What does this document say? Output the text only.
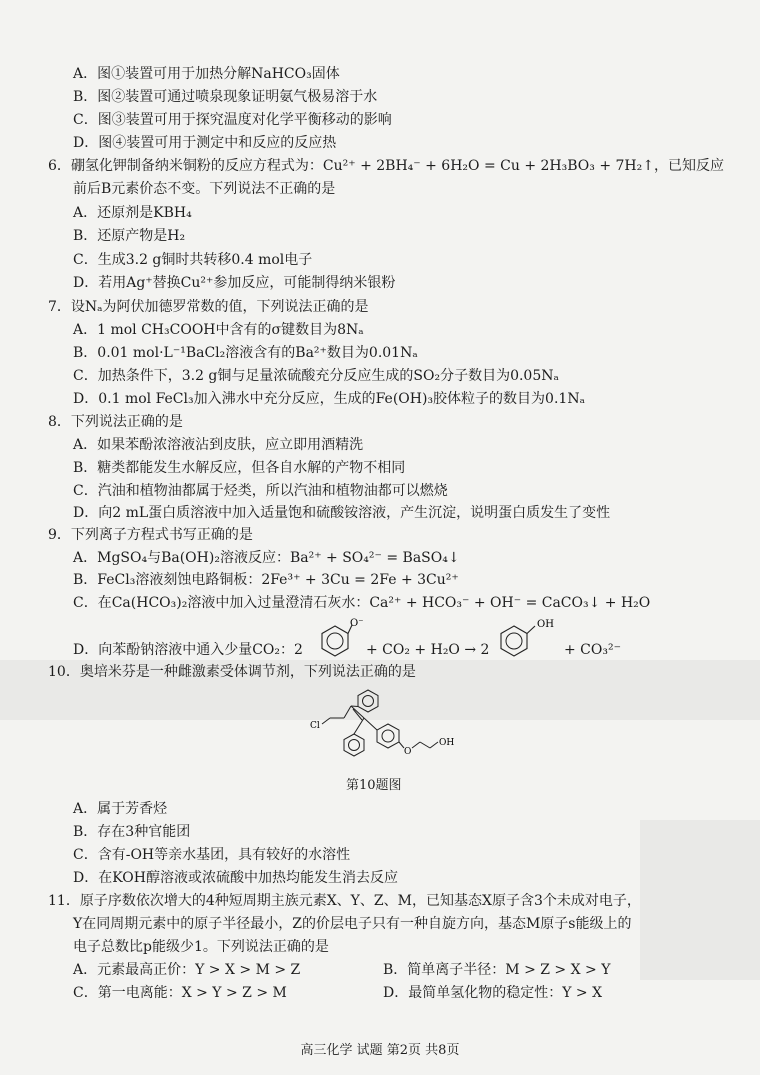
A．图①装置可用于加热分解NaHCO₃固体
B．图②装置可通过喷泉现象证明氨气极易溶于水
C．图③装置可用于探究温度对化学平衡移动的影响
D．图④装置可用于测定中和反应的反应热
6．硼氢化钾制备纳米铜粉的反应方程式为：Cu²⁺ + 2BH₄⁻ + 6H₂O = Cu + 2H₃BO₃ + 7H₂↑，已知反应
前后B元素价态不变。下列说法不正确的是
A．还原剂是KBH₄
B．还原产物是H₂
C．生成3.2 g铜时共转移0.4 mol电子
D．若用Ag⁺替换Cu²⁺参加反应，可能制得纳米银粉
7．设Nₐ为阿伏加德罗常数的值，下列说法正确的是
A．1 mol CH₃COOH中含有的σ键数目为8Nₐ
B．0.01 mol·L⁻¹BaCl₂溶液含有的Ba²⁺数目为0.01Nₐ
C．加热条件下，3.2 g铜与足量浓硫酸充分反应生成的SO₂分子数目为0.05Nₐ
D．0.1 mol FeCl₃加入沸水中充分反应，生成的Fe(OH)₃胶体粒子的数目为0.1Nₐ
8．下列说法正确的是
A．如果苯酚浓溶液沾到皮肤，应立即用酒精洗
B．糖类都能发生水解反应，但各自水解的产物不相同
C．汽油和植物油都属于烃类，所以汽油和植物油都可以燃烧
D．向2 mL蛋白质溶液中加入适量饱和硫酸铵溶液，产生沉淀，说明蛋白质发生了变性
9．下列离子方程式书写正确的是
A．MgSO₄与Ba(OH)₂溶液反应：Ba²⁺ + SO₄²⁻ = BaSO₄↓
B．FeCl₃溶液刻蚀电路铜板：2Fe³⁺ + 3Cu = 2Fe + 3Cu²⁺
C．在Ca(HCO₃)₂溶液中加入过量澄清石灰水：Ca²⁺ + HCO₃⁻ + OH⁻ = CaCO₃↓ + H₂O
D．向苯酚钠溶液中通入少量CO₂：2
O⁻
+ CO₂ + H₂O → 2
OH
+ CO₃²⁻
10．奥培米芬是一种雌激素受体调节剂，下列说法正确的是
Cl
O
OH
第10题图
A．属于芳香烃
B．存在3种官能团
C．含有-OH等亲水基团，具有较好的水溶性
D．在KOH醇溶液或浓硫酸中加热均能发生消去反应
11．原子序数依次增大的4种短周期主族元素X、Y、Z、M，已知基态X原子含3个未成对电子，
Y在同周期元素中的原子半径最小，Z的价层电子只有一种自旋方向，基态M原子s能级上的
电子总数比p能级少1。下列说法正确的是
A．元素最高正价：Y > X > M > Z	B．简单离子半径：M > Z > X > Y
C．第一电离能：X > Y > Z > M	D．最简单氢化物的稳定性：Y > X
高三化学 试题 第2页 共8页
